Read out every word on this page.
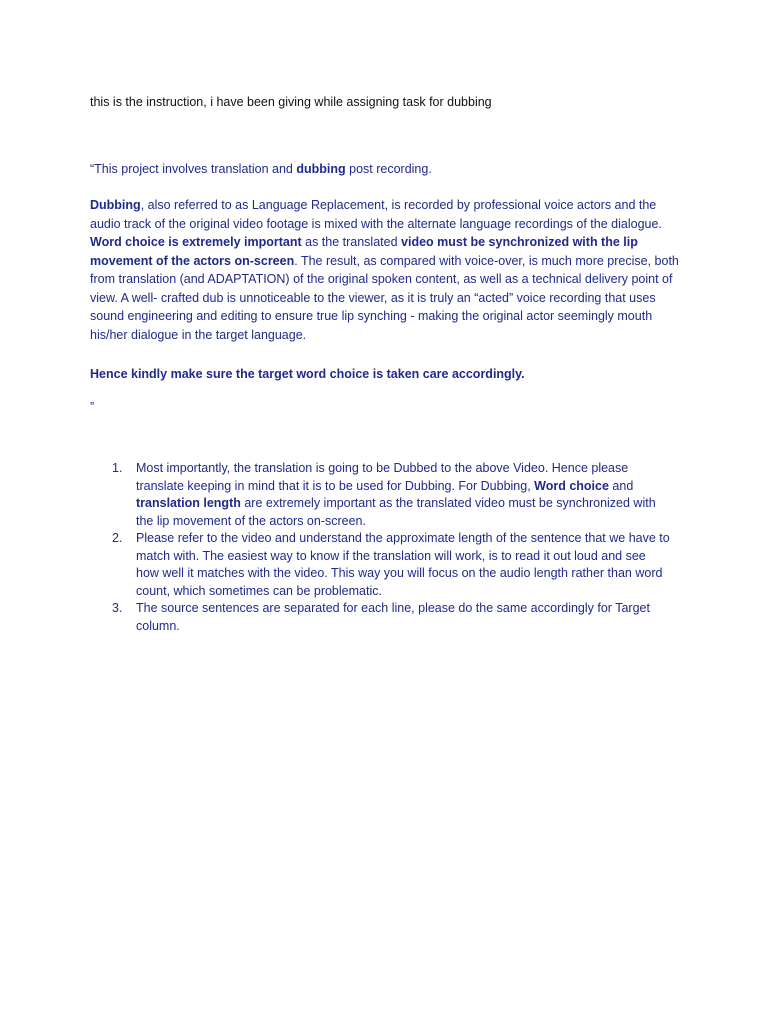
this is the instruction, i have been giving while assigning task for dubbing
“This project involves translation and dubbing post recording.
Dubbing, also referred to as Language Replacement, is recorded by professional voice actors and the audio track of the original video footage is mixed with the alternate language recordings of the dialogue. Word choice is extremely important as the translated video must be synchronized with the lip movement of the actors on-screen. The result, as compared with voice-over, is much more precise, both from translation (and ADAPTATION) of the original spoken content, as well as a technical delivery point of view. A well- crafted dub is unnoticeable to the viewer, as it is truly an “acted” voice recording that uses sound engineering and editing to ensure true lip synching - making the original actor seemingly mouth his/her dialogue in the target language.
Hence kindly make sure the target word choice is taken care accordingly.
”
1. Most importantly, the translation is going to be Dubbed to the above Video. Hence please translate keeping in mind that it is to be used for Dubbing. For Dubbing, Word choice and translation length are extremely important as the translated video must be synchronized with the lip movement of the actors on-screen.
2. Please refer to the video and understand the approximate length of the sentence that we have to match with. The easiest way to know if the translation will work, is to read it out loud and see how well it matches with the video. This way you will focus on the audio length rather than word count, which sometimes can be problematic.
3. The source sentences are separated for each line, please do the same accordingly for Target column.
